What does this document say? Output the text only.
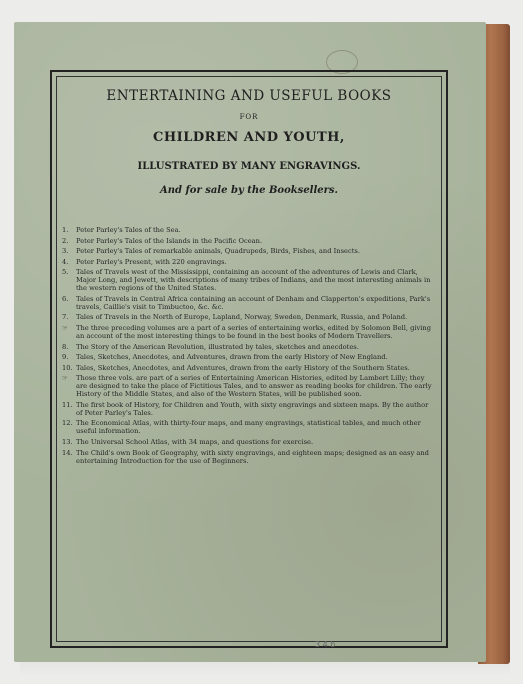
ENTERTAINING AND USEFUL BOOKS
FOR
CHILDREN AND YOUTH,
ILLUSTRATED BY MANY ENGRAVINGS.
And for sale by the Booksellers.
1. Peter Parley's Tales of the Sea.
2. Peter Parley's Tales of the Islands in the Pacific Ocean.
3. Peter Parley's Tales of remarkable animals, Quadrupeds, Birds, Fishes, and Insects.
4. Peter Parley's Present, with 220 engravings.
5. Tales of Travels west of the Mississippi, containing an account of the adventures of Lewis and Clark, Major Long, and Jewett, with descriptions of many tribes of Indians, and the most interesting animals in the western regions of the United States.
6. Tales of Travels in Central Africa containing an account of Denham and Clapperton's expeditions, Park's travels, Caillie's visit to Timbuctoo, &c. &c.
7. Tales of Travels in the North of Europe, Lapland, Norway, Sweden, Denmark, Russia, and Poland.
☞ The three preceding volumes are a part of a series of entertaining works, edited by Solomon Bell, giving an account of the most interesting things to be found in the best books of Modern Travellers.
8. The Story of the American Revolution, illustrated by tales, sketches and anecdotes.
9. Tales, Sketches, Anecdotes, and Adventures, drawn from the early History of New England.
10. Tales, Sketches, Anecdotes, and Adventures, drawn from the early History of the Southern States.
☞ Those three vols. are part of a series of Entertaining American Histories, edited by Lambert Lilly; they are designed to take the place of Fictitious Tales, and to answer as reading books for children. The early History of the Middle States, and also of the Western States, will be published soon.
11. The first book of History, for Children and Youth, with sixty engravings and sixteen maps. By the author of Peter Parley's Tales.
12. The Economical Atlas, with thirty-four maps, and many engravings, statistical tables, and much other useful information.
13. The Universal School Atlas, with 34 maps, and questions for exercise.
14. The Child's own Book of Geography, with sixty engravings, and eighteen maps; designed as an easy and entertaining Introduction for the use of Beginners.
3 4 b
